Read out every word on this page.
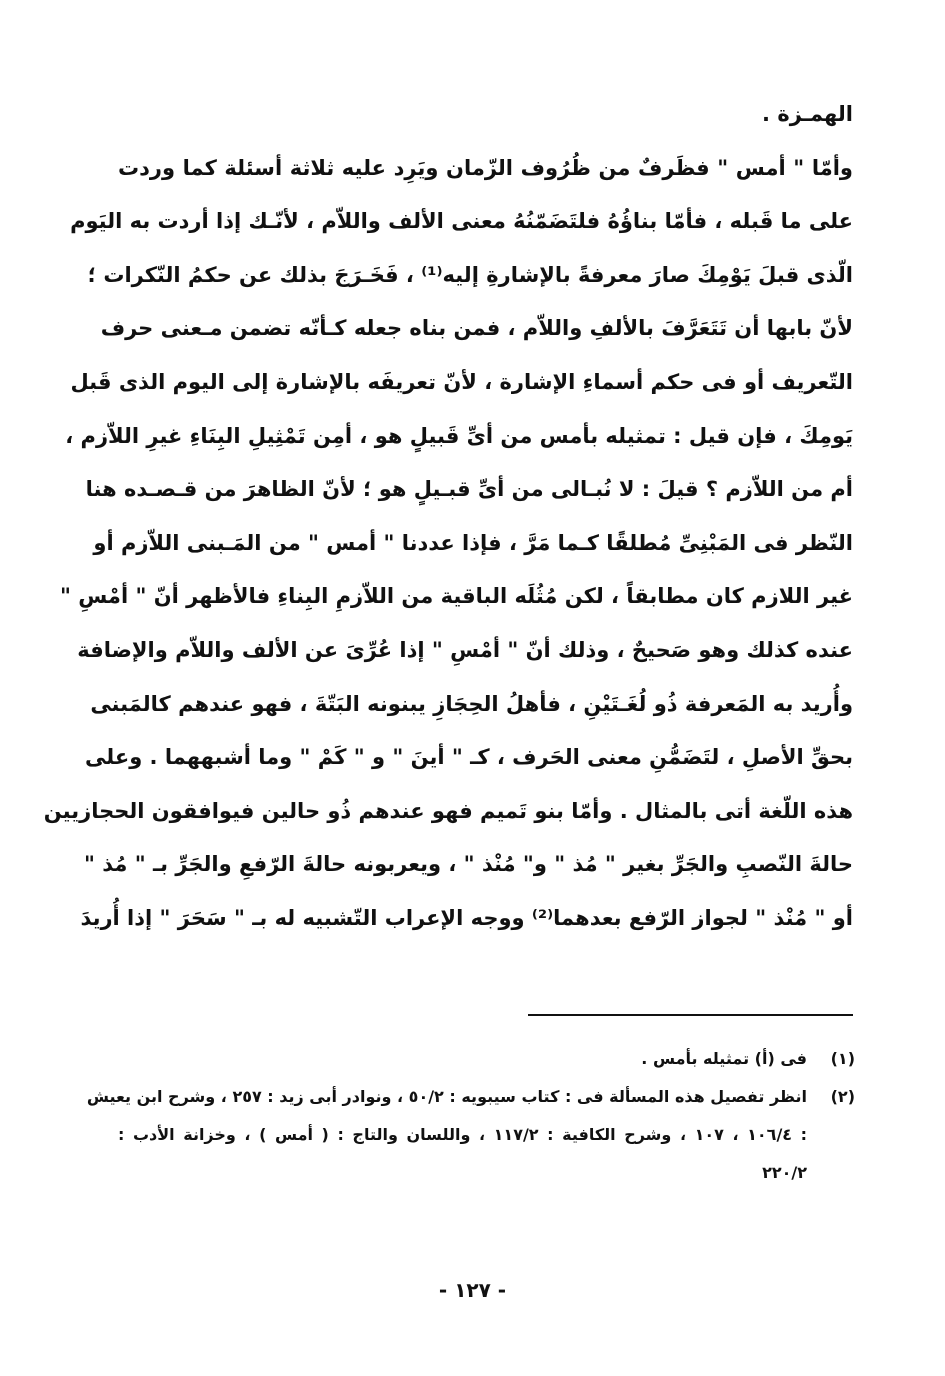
الهمـزة .
وأمّا " أمس " فظَرفٌ من ظُرُوف الزّمان ويَرِد عليه ثلاثة أسئلة كما وردت
على ما قَبله ، فأمّا بناؤُهُ فلتَضَمّنُهُ معنى الألف واللاّم ، لأنّـك إذا أردت به اليَوم
الّذى قبلَ يَوْمِكَ صارَ معرفةً بالإشارةِ إليه⁽¹⁾ ، فَخَـرَجَ بذلك عن حكمُ النّكرات ؛
لأنّ بابها أن تَتَعَرَّفَ بالألفِ واللاّم ، فمن بناه جعله كـأنّه تضمن مـعنى حرف
التّعريف أو فى حكم أسماءِ الإشارة ، لأنّ تعريفَه بالإشارة إلى اليوم الذى قَبل
يَومِكَ ، فإن قيل : تمثيله بأمس من أىِّ قَبيلٍ هو ، أمِن تَمْثِيلِ البِنَاءِ غيرِ اللاّزم ،
أم من اللاّزم ؟ قيلَ : لا نُبـالى من أىِّ قبـيلٍ هو ؛ لأنّ الظاهرَ من قـصـده هنا
النّظر فى المَبْنِىِّ مُطلقًا كـما مَرَّ ، فإذا عددنا " أمس " من المَـبنى اللاّزم أو
غير اللازم كان مطابقاً ، لكن مُثُلَه الباقية من اللاّزمِ البِناءِ فالأظهر أنّ " أمْسِ "
عنده كذلك وهو صَحيحٌ ، وذلك أنّ " أمْسِ " إذا عُرِّىَ عن الألف واللاّم والإضافة
وأُريد به المَعرفة ذُو لُغَـتَيْنِ ، فأهلُ الحِجَازِ يبنونه البَتّةَ ، فهو عندهم كالمَبنى
بحقِّ الأصلِ ، لتَضَمُّنِ معنى الحَرف ، كـ " أينَ " و " كَمْ " وما أشبههما . وعلى
هذه اللّغة أتى بالمثال . وأمّا بنو تَميم فهو عندهم ذُو حالين فيوافقون الحجازيين
حالةَ النّصبِ والجَرِّ بغير " مُذ " و" مُنْذ " ، ويعربونه حالةَ الرّفعِ والجَرِّ بـ " مُذ "
أو " مُنْذ " لجواز الرّفع بعدهما⁽²⁾ ووجه الإعراب التّشبيه له بـ " سَحَرَ " إذا أُريدَ
(١)
فى (أ) تمثيله بأمس .
(٢)
انظر تفصيل هذه المسألة فى : كتاب سيبويه : ٥٠/٢ ، ونوادر أبى زيد : ٢٥٧ ، وشرح ابن يعيش
: ١٠٦/٤ ، ١٠٧ ، وشرح الكافية : ١١٧/٢ ، واللسان والتاج : ( أمس ) ، وخزانة الأدب :
٢٢٠/٢
- ١٢٧ -
